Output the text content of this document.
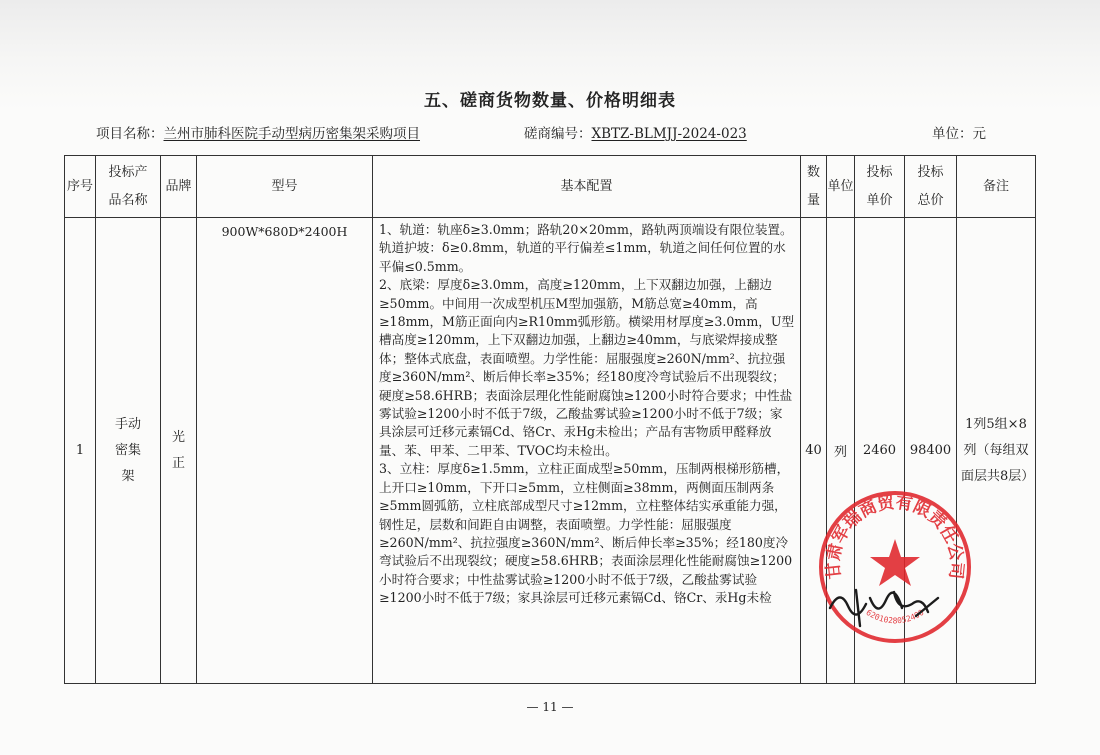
五、磋商货物数量、价格明细表
项目名称：兰州市肺科医院手动型病历密集架采购项目	磋商编号：XBTZ-BLMJJ-2024-023	单位：元
序号	投标产品名称	品牌	型号	基本配置	数量	单位	投标单价	投标总价	备注
1	手动密集架	光正	900W*680D*2400H	1、轨道：轨座δ≥3.0mm；路轨20×20mm，路轨两顶端设有限位装置。轨道护坡：δ≥0.8mm，轨道的平行偏差≤1mm，轨道之间任何位置的水平偏≤0.5mm。
2、底梁：厚度δ≥3.0mm，高度≥120mm，上下双翻边加强，上翻边≥50mm。中间用一次成型机压M型加强筋，M筋总宽≥40mm，高≥18mm，M筋正面向内≥R10mm弧形筋。横梁用材厚度≥3.0mm，U型槽高度≥120mm，上下双翻边加强，上翻边≥40mm，与底梁焊接成整体；整体式底盘，表面喷塑。力学性能：屈服强度≥260N/mm²、抗拉强度≥360N/mm²、断后伸长率≥35%；经180度冷弯试验后不出现裂纹；硬度≥58.6HRB；表面涂层理化性能耐腐蚀≥1200小时符合要求；中性盐雾试验≥1200小时不低于7级，乙酸盐雾试验≥1200小时不低于7级；家具涂层可迁移元素镉Cd、铬Cr、汞Hg未检出；产品有害物质甲醛释放量、苯、甲苯、二甲苯、TVOC均未检出。
3、立柱：厚度δ≥1.5mm，立柱正面成型≥50mm，压制两根梯形筋槽，上开口≥10mm，下开口≥5mm，立柱侧面≥38mm，两侧面压制两条≥5mm圆弧筋，立柱底部成型尺寸≥12mm，立柱整体结实承重能力强，钢性足，层数和间距自由调整，表面喷塑。力学性能：屈服强度≥260N/mm²、抗拉强度≥360N/mm²、断后伸长率≥35%；经180度冷弯试验后不出现裂纹；硬度≥58.6HRB；表面涂层理化性能耐腐蚀≥1200小时符合要求；中性盐雾试验≥1200小时不低于7级，乙酸盐雾试验≥1200小时不低于7级；家具涂层可迁移元素镉Cd、铬Cr、汞Hg未检	40	列	2460	98400	1列5组×8列（每组双面层共8层）
甘肃军瑞商贸有限责任公司
6201028052490
— 11 —
